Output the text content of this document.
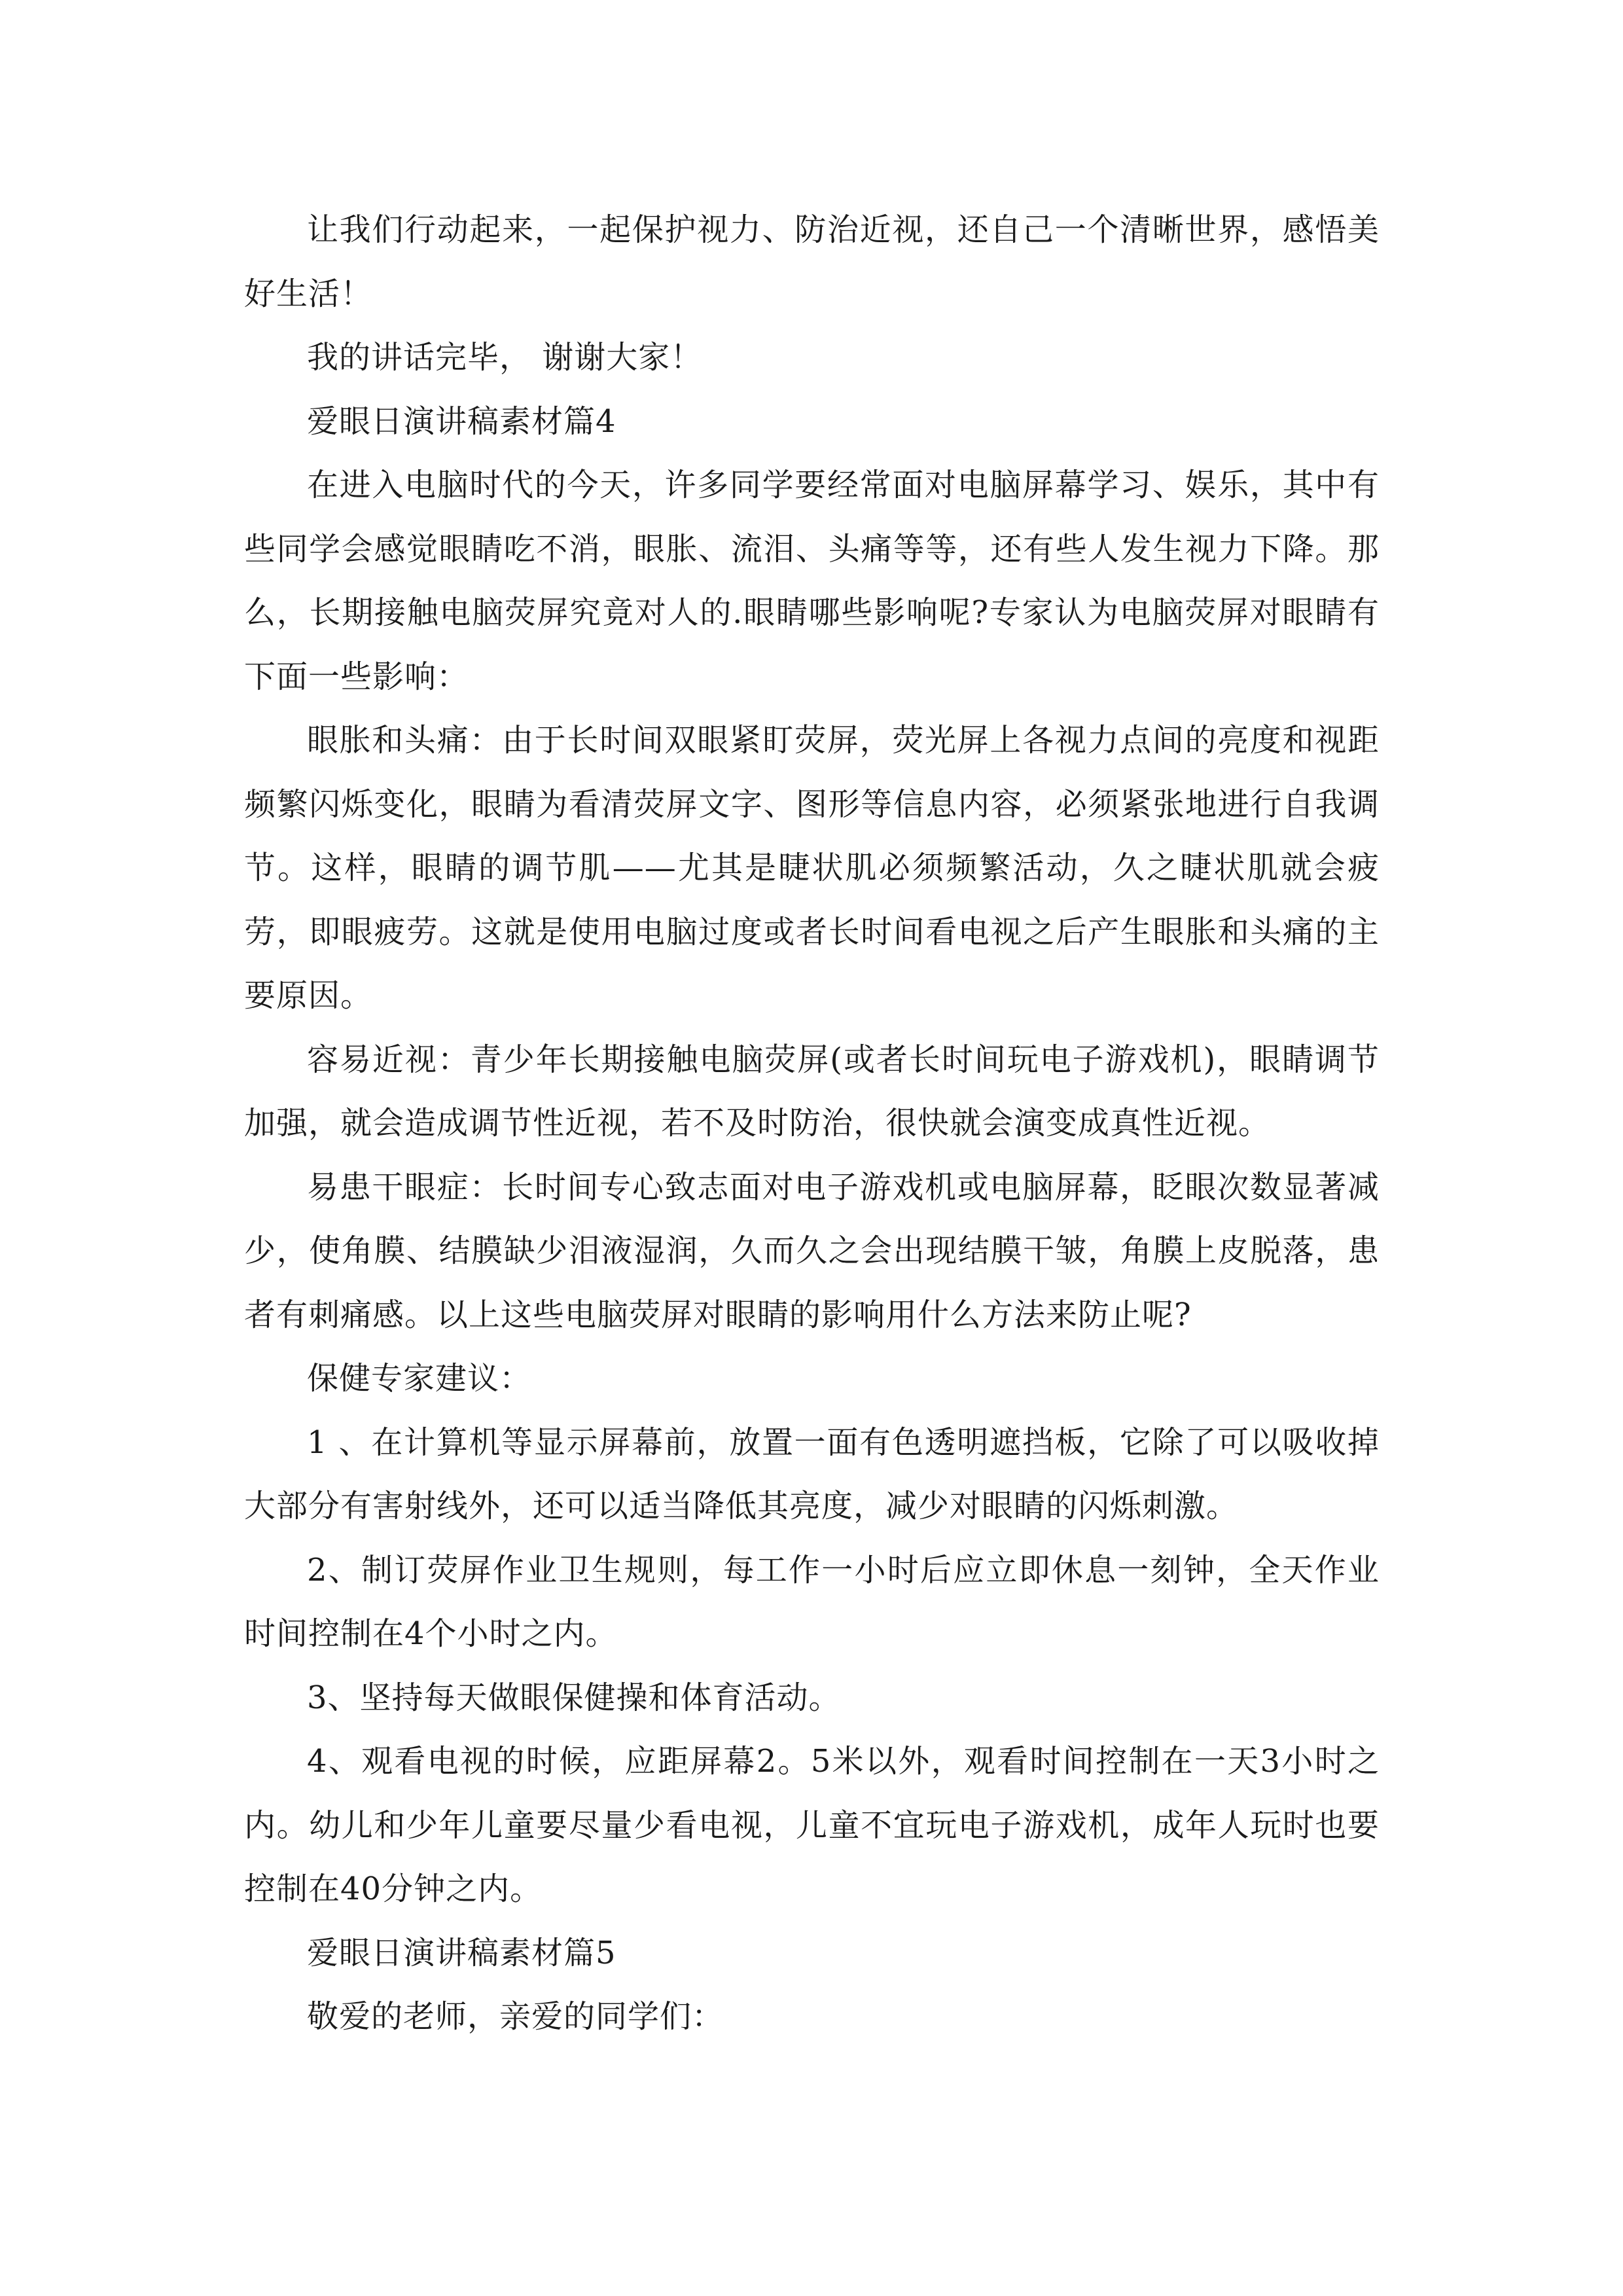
让我们行动起来，一起保护视力、防治近视，还自己一个清晰世界，感悟美好生活！

我的讲话完毕， 谢谢大家！

爱眼日演讲稿素材篇4

在进入电脑时代的今天，许多同学要经常面对电脑屏幕学习、娱乐，其中有些同学会感觉眼睛吃不消，眼胀、流泪、头痛等等，还有些人发生视力下降。那么，长期接触电脑荧屏究竟对人的.眼睛哪些影响呢?专家认为电脑荧屏对眼睛有下面一些影响：

眼胀和头痛：由于长时间双眼紧盯荧屏，荧光屏上各视力点间的亮度和视距频繁闪烁变化，眼睛为看清荧屏文字、图形等信息内容，必须紧张地进行自我调节。这样，眼睛的调节肌——尤其是睫状肌必须频繁活动，久之睫状肌就会疲劳，即眼疲劳。这就是使用电脑过度或者长时间看电视之后产生眼胀和头痛的主要原因。

容易近视：青少年长期接触电脑荧屏(或者长时间玩电子游戏机)，眼睛调节加强，就会造成调节性近视，若不及时防治，很快就会演变成真性近视。

易患干眼症：长时间专心致志面对电子游戏机或电脑屏幕，眨眼次数显著减少，使角膜、结膜缺少泪液湿润，久而久之会出现结膜干皱，角膜上皮脱落，患者有刺痛感。以上这些电脑荧屏对眼睛的影响用什么方法来防止呢?

保健专家建议：

1 、在计算机等显示屏幕前，放置一面有色透明遮挡板，它除了可以吸收掉大部分有害射线外，还可以适当降低其亮度，减少对眼睛的闪烁刺激。

2、制订荧屏作业卫生规则，每工作一小时后应立即休息一刻钟，全天作业时间控制在4个小时之内。

3、坚持每天做眼保健操和体育活动。

4、观看电视的时候，应距屏幕2。5米以外，观看时间控制在一天3小时之内。幼儿和少年儿童要尽量少看电视，儿童不宜玩电子游戏机，成年人玩时也要控制在40分钟之内。

爱眼日演讲稿素材篇5

敬爱的老师，亲爱的同学们：
